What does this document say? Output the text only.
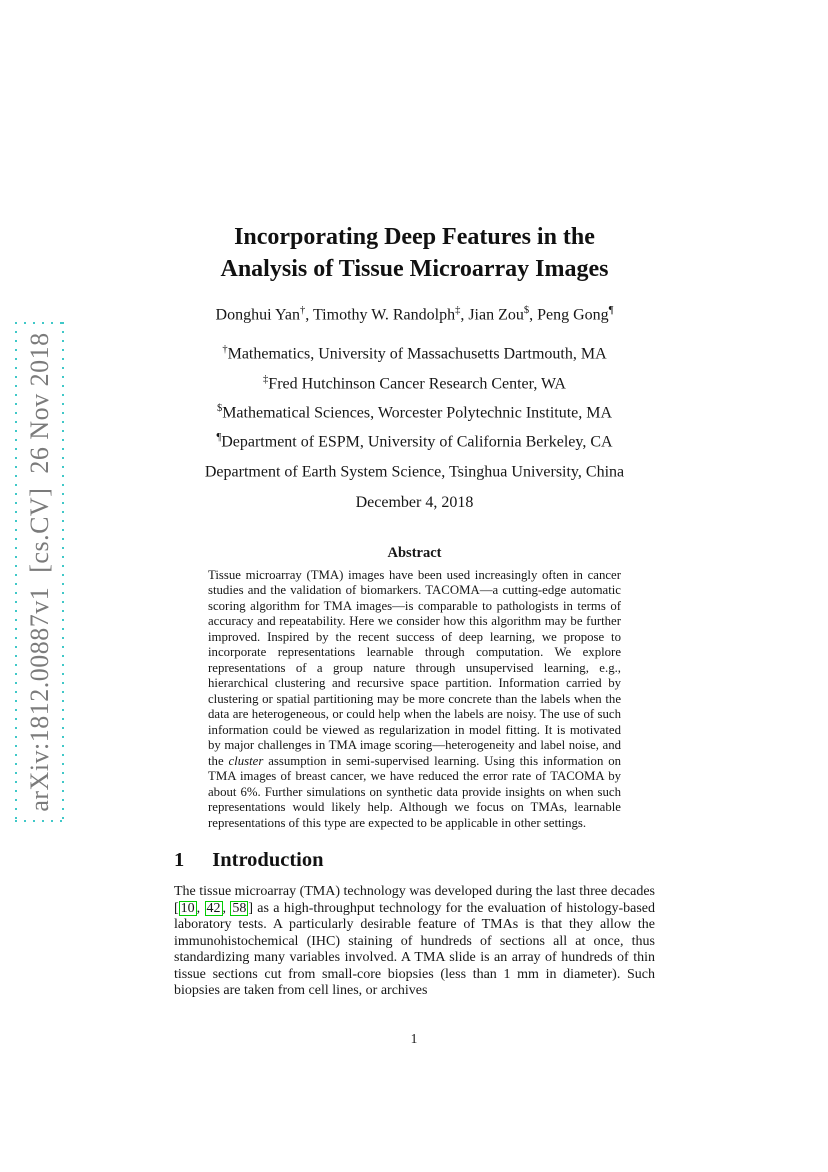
arXiv:1812.00887v1  [cs.CV]  26 Nov 2018
Incorporating Deep Features in the
Analysis of Tissue Microarray Images
Donghui Yan†, Timothy W. Randolph‡, Jian Zou$, Peng Gong¶
†Mathematics, University of Massachusetts Dartmouth, MA
‡Fred Hutchinson Cancer Research Center, WA
$Mathematical Sciences, Worcester Polytechnic Institute, MA
¶Department of ESPM, University of California Berkeley, CA
Department of Earth System Science, Tsinghua University, China
December 4, 2018
Abstract

Tissue microarray (TMA) images have been used increasingly often in cancer studies and the validation of biomarkers. TACOMA—a cutting-edge automatic scoring algorithm for TMA images—is comparable to pathologists in terms of accuracy and repeatability. Here we consider how this algorithm may be further improved. Inspired by the recent success of deep learning, we propose to incorporate representations learnable through computation. We explore representations of a group nature through unsupervised learning, e.g., hierarchical clustering and recursive space partition. Information carried by clustering or spatial partitioning may be more concrete than the labels when the data are heterogeneous, or could help when the labels are noisy. The use of such information could be viewed as regularization in model fitting. It is motivated by major challenges in TMA image scoring—heterogeneity and label noise, and the cluster assumption in semi-supervised learning. Using this information on TMA images of breast cancer, we have reduced the error rate of TACOMA by about 6%. Further simulations on synthetic data provide insights on when such representations would likely help. Although we focus on TMAs, learnable representations of this type are expected to be applicable in other settings.

1 Introduction

The tissue microarray (TMA) technology was developed during the last three decades [ 10 , 42 , 58 ] as a high-throughput technology for the evaluation of histology-based laboratory tests. A particularly desirable feature of TMAs is that they allow the immunohistochemical (IHC) staining of hundreds of sections all at once, thus standardizing many variables involved. A TMA slide is an array of hundreds of thin tissue sections cut from small-core biopsies (less than 1 mm in diameter). Such biopsies are taken from cell lines, or archives

1
